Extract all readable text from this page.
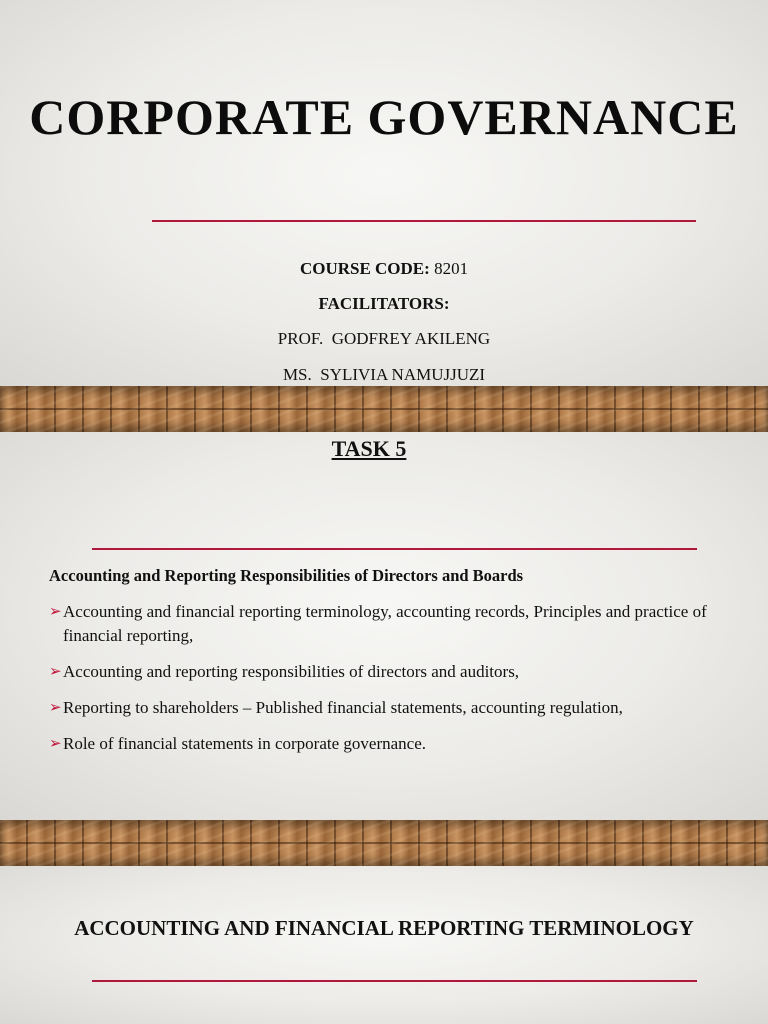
CORPORATE GOVERNANCE
COURSE CODE: 8201
FACILITATORS:
PROF.  GODFREY AKILENG
MS.  SYLIVIA NAMUJJUZI
TASK 5
Accounting and Reporting Responsibilities of Directors and Boards
➢ Accounting and financial reporting terminology, accounting records, Principles and practice of financial reporting,
➢ Accounting and reporting responsibilities of directors and auditors,
➢ Reporting to shareholders – Published financial statements, accounting regulation,
➢ Role of financial statements in corporate governance.
ACCOUNTING AND FINANCIAL REPORTING TERMINOLOGY
